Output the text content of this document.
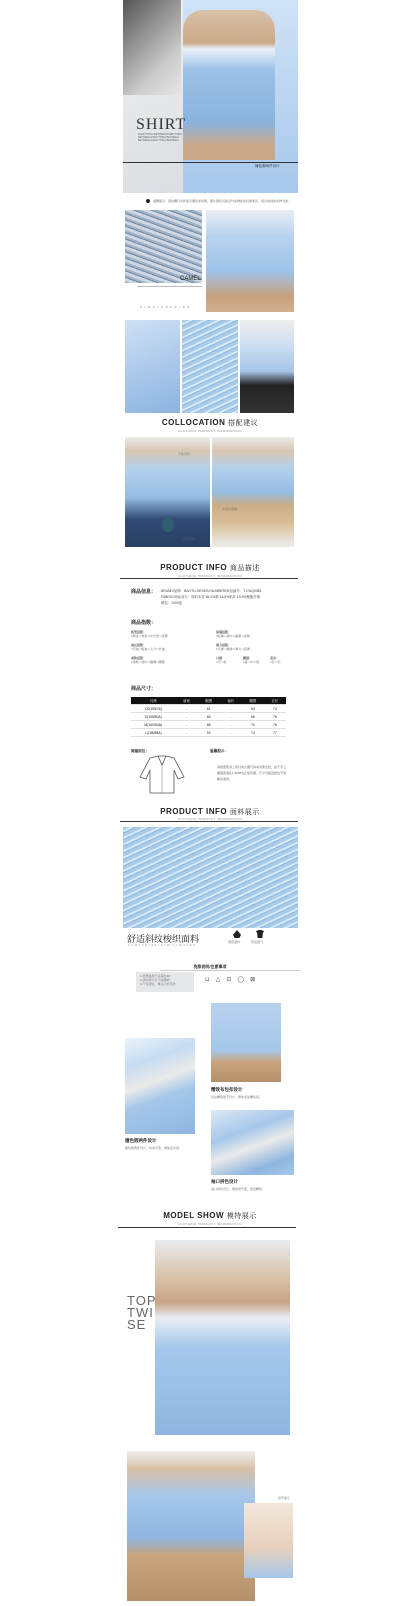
SHIRT
EVERYTHING BETWEEN EVERYTHING
BETWEEN EVERYTHING BETWEEN
BETWEEN EVERYTHING BETWEEN
撞色假两件设计
温馨提示：因拍摄灯光和显示器色差问题，图片颜色可能会与实物存在轻微差异，请以收到的实物为准。
CAMEL
S I M P L E D E S I G N
COLLOCATION 搭配建议
CLOTHING PRODUCT INFORMATION
个性耳环
时尚包包
卡其半身裙
PRODUCT INFO 商品描述
CLOTHING PRODUCT INFORMATION
商品信息： BRAND/品牌：BAOTU DESIGN NUMBER/商品编号：T17AQ0383
FABRIC/商品成分：面料本衬 65.3%棉 18.5%粘纤 15.9%聚酯纤维
颜色：1000蓝
商品指数：
版型指数：
□修身 □宽松 □中长款 □直筒
厚薄指数：
□轻薄 □适中 □偏厚 □加厚
袖长指数：
□无袖 □短袖 □七分 □长袖
弹力指数：
□无弹 □微弹 □弹力 □高弹
柔软指数：
□柔软 □适中 □偏硬 □硬挺
口感：
□无 □有
腰围：
□高 □中 □低
里布：
□有 □无
商品尺寸：
尺码	肩宽	胸围	袖长	腰围	衣长
XS(155/76)	-	81	-	63	74
S(155/80A)	-	84	-	66	75
M(160/84A)	-	88	-	70	76
L(165/88A)	-	92	-	74	77
测量部位：	温馨提示：
请按照您身上所以的衣服尺码来对照比较，由于手工测量误差在1-3CM为正常范围，尺寸可能因批次不同略有差异。
PRODUCT INFO 面料展示
CLOTHING PRODUCT INFORMATION
舒适斜纹梭织面料
C O M F O R T A B L E T W I L L W O V E N
垂感面料	舒适透气
洗涤说明/注意事项
1.洗涤温度不宜超过40°
2.请勿用力拧干或暴晒
3.不可漂白，建议冷水手洗
⊔△⊡◯⊠
精致布包扣设计
包扣精致细节设计，整体更显精致感。
撞色假两件设计
撞色假两件设计，时尚有型，增加层次感。
袖口拼色设计
袖口拼色设计，增加细节感，更显精致。
MODEL SHOW 模特展示
CLOTHING PRODUCT INFORMATION
TOP
TWI
SE
细节展示
